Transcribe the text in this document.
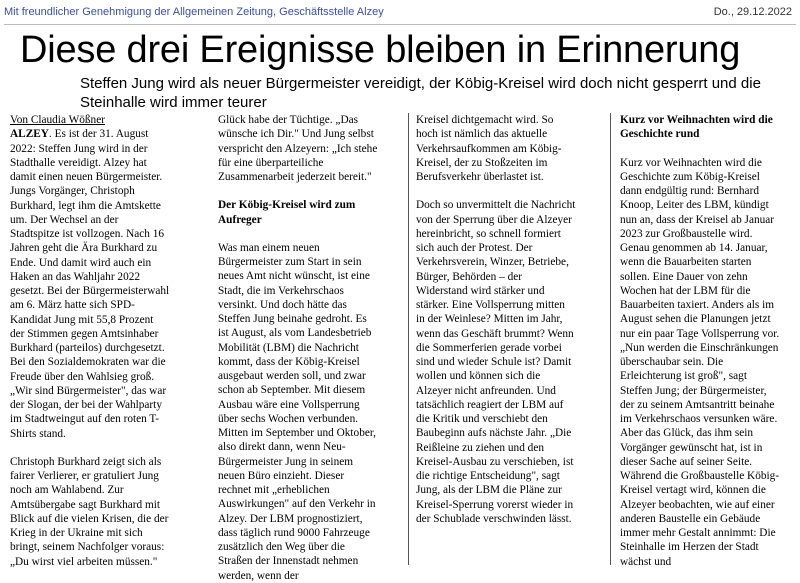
Mit freundlicher Genehmigung der Allgemeinen Zeitung, Geschäftsstelle Alzey	Do., 29.12.2022
Diese drei Ereignisse bleiben in Erinnerung
Steffen Jung wird als neuer Bürgermeister vereidigt, der Köbig-Kreisel wird doch nicht gesperrt und die Steinhalle wird immer teurer

Von Claudia Wößner

ALZEY. Es ist der 31. August 2022: Steffen Jung wird in der Stadthalle vereidigt. Alzey hat damit einen neuen Bürgermeister. Jungs Vorgänger, Christoph Burkhard, legt ihm die Amtskette um. Der Wechsel an der Stadtspitze ist vollzogen. Nach 16 Jahren geht die Ära Burkhard zu Ende. Und damit wird auch ein Haken an das Wahljahr 2022 gesetzt. Bei der Bürgermeisterwahl am 6. März hatte sich SPD-Kandidat Jung mit 55,8 Prozent der Stimmen gegen Amtsinhaber Burkhard (parteilos) durchgesetzt. Bei den Sozialdemokraten war die Freude über den Wahlsieg groß. „Wir sind Bürgermeister", das war der Slogan, der bei der Wahlparty im Stadtweingut auf den roten T-Shirts stand.

Christoph Burkhard zeigt sich als fairer Verlierer, er gratuliert Jung noch am Wahlabend. Zur Amtsübergabe sagt Burkhard mit Blick auf die vielen Krisen, die der Krieg in der Ukraine mit sich bringt, seinem Nachfolger voraus: „Du wirst viel arbeiten müssen."

Glück habe der Tüchtige. „Das wünsche ich Dir." Und Jung selbst verspricht den Alzeyern: „Ich stehe für eine überparteiliche Zusammenarbeit jederzeit bereit."

Der Köbig-Kreisel wird zum Aufreger

Was man einem neuen Bürgermeister zum Start in sein neues Amt nicht wünscht, ist eine Stadt, die im Verkehrschaos versinkt. Und doch hätte das Steffen Jung beinahe gedroht. Es ist August, als vom Landesbetrieb Mobilität (LBM) die Nachricht kommt, dass der Köbig-Kreisel ausgebaut werden soll, und zwar schon ab September. Mit diesem Ausbau wäre eine Vollsperrung über sechs Wochen verbunden. Mitten im September und Oktober, also direkt dann, wenn Neu-Bürgermeister Jung in seinem neuen Büro einzieht. Dieser rechnet mit „erheblichen Auswirkungen" auf den Verkehr in Alzey. Der LBM prognostiziert, dass täglich rund 9000 Fahrzeuge zusätzlich den Weg über die Straßen der Innenstadt nehmen werden, wenn der

Kreisel dichtgemacht wird. So hoch ist nämlich das aktuelle Verkehrsaufkommen am Köbig-Kreisel, der zu Stoßzeiten im Berufsverkehr überlastet ist.

Doch so unvermittelt die Nachricht von der Sperrung über die Alzeyer hereinbricht, so schnell formiert sich auch der Protest. Der Verkehrsverein, Winzer, Betriebe, Bürger, Behörden – der Widerstand wird stärker und stärker. Eine Vollsperrung mitten in der Weinlese? Mitten im Jahr, wenn das Geschäft brummt? Wenn die Sommerferien gerade vorbei sind und wieder Schule ist? Damit wollen und können sich die Alzeyer nicht anfreunden. Und tatsächlich reagiert der LBM auf die Kritik und verschiebt den Baubeginn aufs nächste Jahr. „Die Reißleine zu ziehen und den Kreisel-Ausbau zu verschieben, ist die richtige Entscheidung", sagt Jung, als der LBM die Pläne zur Kreisel-Sperrung vorerst wieder in der Schublade verschwinden lässt.

Kurz vor Weihnachten wird die Geschichte rund

Kurz vor Weihnachten wird die Geschichte zum Köbig-Kreisel dann endgültig rund: Bernhard Knoop, Leiter des LBM, kündigt nun an, dass der Kreisel ab Januar 2023 zur Großbaustelle wird. Genau genommen ab 14. Januar, wenn die Bauarbeiten starten sollen. Eine Dauer von zehn Wochen hat der LBM für die Bauarbeiten taxiert. Anders als im August sehen die Planungen jetzt nur ein paar Tage Vollsperrung vor. „Nun werden die Einschränkungen überschaubar sein. Die Erleichterung ist groß", sagt Steffen Jung; der Bürgermeister, der zu seinem Amtsantritt beinahe im Verkehrschaos versunken wäre. Aber das Glück, das ihm sein Vorgänger gewünscht hat, ist in dieser Sache auf seiner Seite. Während die Großbaustelle Köbig-Kreisel vertagt wird, können die Alzeyer beobachten, wie auf einer anderen Baustelle ein Gebäude immer mehr Gestalt annimmt: Die Steinhalle im Herzen der Stadt wächst und
